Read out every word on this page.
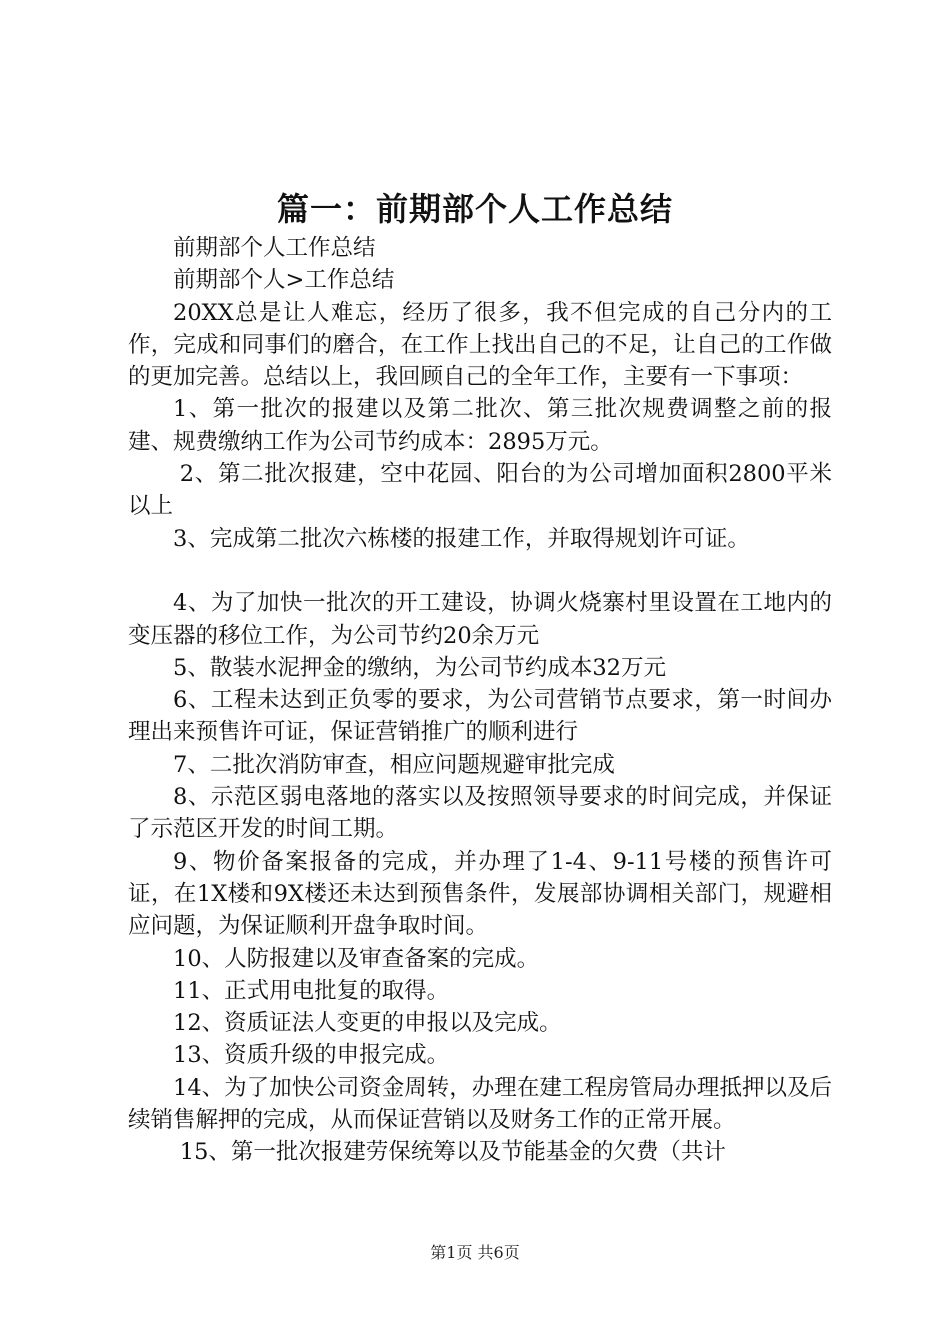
篇一：前期部个人工作总结

前期部个人工作总结

前期部个人>工作总结

20XX总是让人难忘，经历了很多，我不但完成的自己分内的工作，完成和同事们的磨合，在工作上找出自己的不足，让自己的工作做的更加完善。总结以上，我回顾自己的全年工作，主要有一下事项：

1、第一批次的报建以及第二批次、第三批次规费调整之前的报建、规费缴纳工作为公司节约成本：2895万元。

2、第二批次报建，空中花园、阳台的为公司增加面积2800平米以上

3、完成第二批次六栋楼的报建工作，并取得规划许可证。

4、为了加快一批次的开工建设，协调火烧寨村里设置在工地内的变压器的移位工作，为公司节约20余万元

5、散装水泥押金的缴纳，为公司节约成本32万元

6、工程未达到正负零的要求，为公司营销节点要求，第一时间办理出来预售许可证，保证营销推广的顺利进行

7、二批次消防审查，相应问题规避审批完成

8、示范区弱电落地的落实以及按照领导要求的时间完成，并保证了示范区开发的时间工期。

9、物价备案报备的完成，并办理了1-4、9-11号楼的预售许可证，在1X楼和9X楼还未达到预售条件，发展部协调相关部门，规避相应问题，为保证顺利开盘争取时间。

10、人防报建以及审查备案的完成。

11、正式用电批复的取得。

12、资质证法人变更的申报以及完成。

13、资质升级的申报完成。

14、为了加快公司资金周转，办理在建工程房管局办理抵押以及后续销售解押的完成，从而保证营销以及财务工作的正常开展。

15、第一批次报建劳保统筹以及节能基金的欠费（共计

第1页 共6页
